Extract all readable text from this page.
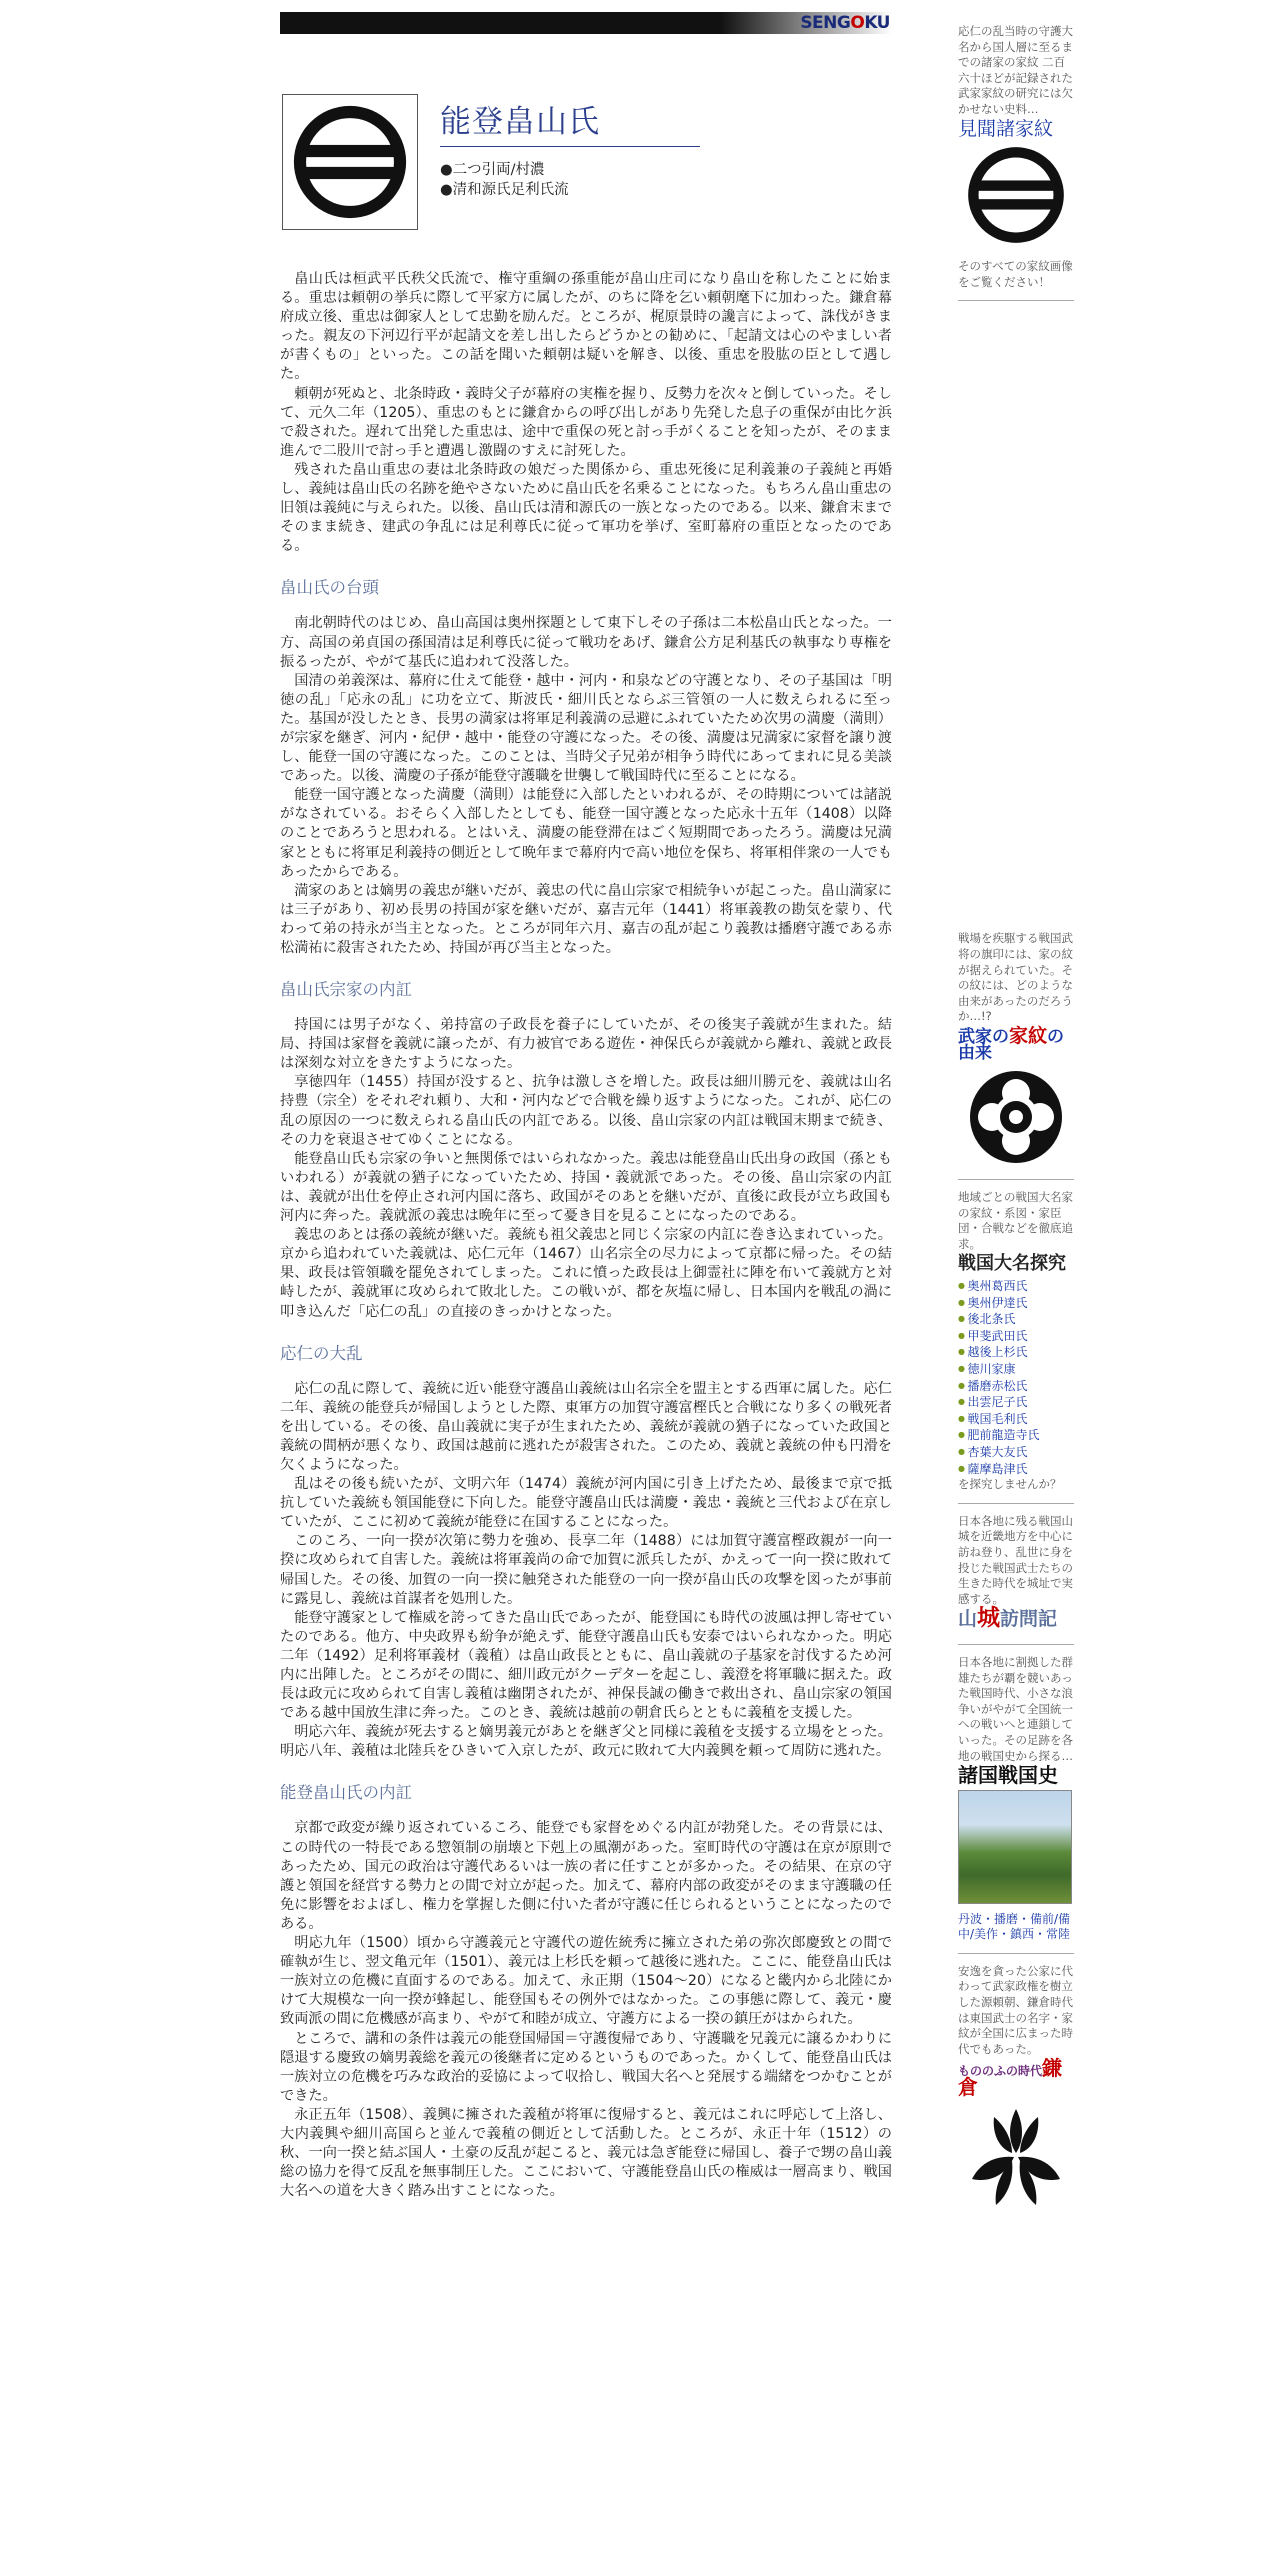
SENGOKU
能登畠山氏
●二つ引両/村濃
●清和源氏足利氏流

畠山氏は桓武平氏秩父氏流で、権守重綱の孫重能が畠山庄司になり畠山を称したことに始まる。重忠は頼朝の挙兵に際して平家方に属したが、のちに降を乞い頼朝麾下に加わった。鎌倉幕府成立後、重忠は御家人として忠勤を励んだ。ところが、梶原景時の讒言によって、誅伐がきまった。親友の下河辺行平が起請文を差し出したらどうかとの勧めに、「起請文は心のやましい者が書くもの」といった。この話を聞いた頼朝は疑いを解き、以後、重忠を股肱の臣として遇した。

頼朝が死ぬと、北条時政・義時父子が幕府の実権を握り、反勢力を次々と倒していった。そして、元久二年（1205）、重忠のもとに鎌倉からの呼び出しがあり先発した息子の重保が由比ケ浜で殺された。遅れて出発した重忠は、途中で重保の死と討っ手がくることを知ったが、そのまま進んで二股川で討っ手と遭遇し激闘のすえに討死した。

残された畠山重忠の妻は北条時政の娘だった関係から、重忠死後に足利義兼の子義純と再婚し、義純は畠山氏の名跡を絶やさないために畠山氏を名乗ることになった。もちろん畠山重忠の旧領は義純に与えられた。以後、畠山氏は清和源氏の一族となったのである。以来、鎌倉末までそのまま続き、建武の争乱には足利尊氏に従って軍功を挙げ、室町幕府の重臣となったのである。

畠山氏の台頭

南北朝時代のはじめ、畠山高国は奥州探題として東下しその子孫は二本松畠山氏となった。一方、高国の弟貞国の孫国清は足利尊氏に従って戦功をあげ、鎌倉公方足利基氏の執事なり専権を振るったが、やがて基氏に追われて没落した。

国清の弟義深は、幕府に仕えて能登・越中・河内・和泉などの守護となり、その子基国は「明徳の乱」「応永の乱」に功を立て、斯波氏・細川氏とならぶ三管領の一人に数えられるに至った。基国が没したとき、長男の満家は将軍足利義満の忌避にふれていたため次男の満慶（満則）が宗家を継ぎ、河内・紀伊・越中・能登の守護になった。その後、満慶は兄満家に家督を譲り渡し、能登一国の守護になった。このことは、当時父子兄弟が相争う時代にあってまれに見る美談であった。以後、満慶の子孫が能登守護職を世襲して戦国時代に至ることになる。

能登一国守護となった満慶（満則）は能登に入部したといわれるが、その時期については諸説がなされている。おそらく入部したとしても、能登一国守護となった応永十五年（1408）以降のことであろうと思われる。とはいえ、満慶の能登滞在はごく短期間であったろう。満慶は兄満家とともに将軍足利義持の側近として晩年まで幕府内で高い地位を保ち、将軍相伴衆の一人でもあったからである。

満家のあとは嫡男の義忠が継いだが、義忠の代に畠山宗家で相続争いが起こった。畠山満家には三子があり、初め長男の持国が家を継いだが、嘉吉元年（1441）将軍義教の勘気を蒙り、代わって弟の持永が当主となった。ところが同年六月、嘉吉の乱が起こり義教は播磨守護である赤松満祐に殺害されたため、持国が再び当主となった。

畠山氏宗家の内訌

持国には男子がなく、弟持富の子政長を養子にしていたが、その後実子義就が生まれた。結局、持国は家督を義就に譲ったが、有力被官である遊佐・神保氏らが義就から離れ、義就と政長は深刻な対立をきたすようになった。

享徳四年（1455）持国が没すると、抗争は激しさを増した。政長は細川勝元を、義就は山名持豊（宗全）をそれぞれ頼り、大和・河内などで合戦を繰り返すようになった。これが、応仁の乱の原因の一つに数えられる畠山氏の内訌である。以後、畠山宗家の内訌は戦国末期まで続き、その力を衰退させてゆくことになる。

能登畠山氏も宗家の争いと無関係ではいられなかった。義忠は能登畠山氏出身の政国（孫ともいわれる）が義就の猶子になっていたため、持国・義就派であった。その後、畠山宗家の内訌は、義就が出仕を停止され河内国に落ち、政国がそのあとを継いだが、直後に政長が立ち政国も河内に奔った。義就派の義忠は晩年に至って憂き目を見ることになったのである。

義忠のあとは孫の義統が継いだ。義統も祖父義忠と同じく宗家の内訌に巻き込まれていった。京から追われていた義就は、応仁元年（1467）山名宗全の尽力によって京都に帰った。その結果、政長は管領職を罷免されてしまった。これに憤った政長は上御霊社に陣を布いて義就方と対峙したが、義就軍に攻められて敗北した。この戦いが、都を灰塩に帰し、日本国内を戦乱の渦に叩き込んだ「応仁の乱」の直接のきっかけとなった。

応仁の大乱

応仁の乱に際して、義統に近い能登守護畠山義統は山名宗全を盟主とする西軍に属した。応仁二年、義統の能登兵が帰国しようとした際、東軍方の加賀守護富樫氏と合戦になり多くの戦死者を出している。その後、畠山義就に実子が生まれたため、義統が義就の猶子になっていた政国と義統の間柄が悪くなり、政国は越前に逃れたが殺害された。このため、義就と義統の仲も円滑を欠くようになった。

乱はその後も続いたが、文明六年（1474）義統が河内国に引き上げたため、最後まで京で抵抗していた義統も領国能登に下向した。能登守護畠山氏は満慶・義忠・義統と三代および在京していたが、ここに初めて義統が能登に在国することになった。

このころ、一向一揆が次第に勢力を強め、長享二年（1488）には加賀守護富樫政親が一向一揆に攻められて自害した。義統は将軍義尚の命で加賀に派兵したが、かえって一向一揆に敗れて帰国した。その後、加賀の一向一揆に触発された能登の一向一揆が畠山氏の攻撃を図ったが事前に露見し、義統は首謀者を処刑した。

能登守護家として権威を誇ってきた畠山氏であったが、能登国にも時代の波風は押し寄せていたのである。他方、中央政界も紛争が絶えず、能登守護畠山氏も安泰ではいられなかった。明応二年（1492）足利将軍義材（義稙）は畠山政長とともに、畠山義就の子基家を討伐するため河内に出陣した。ところがその間に、細川政元がクーデターを起こし、義澄を将軍職に据えた。政長は政元に攻められて自害し義稙は幽閉されたが、神保長誠の働きで救出され、畠山宗家の領国である越中国放生津に奔った。このとき、義統は越前の朝倉氏らとともに義稙を支援した。

明応六年、義統が死去すると嫡男義元があとを継ぎ父と同様に義稙を支援する立場をとった。明応八年、義稙は北陸兵をひきいて入京したが、政元に敗れて大内義興を頼って周防に逃れた。

能登畠山氏の内訌

京都で政変が繰り返されているころ、能登でも家督をめぐる内訌が勃発した。その背景には、この時代の一特長である惣領制の崩壊と下剋上の風潮があった。室町時代の守護は在京が原則であったため、国元の政治は守護代あるいは一族の者に任すことが多かった。その結果、在京の守護と領国を経営する勢力との間で対立が起った。加えて、幕府内部の政変がそのまま守護職の任免に影響をおよぼし、権力を掌握した側に付いた者が守護に任じられるということになったのである。

明応九年（1500）頃から守護義元と守護代の遊佐統秀に擁立された弟の弥次郎慶致との間で確執が生じ、翌文亀元年（1501）、義元は上杉氏を頼って越後に逃れた。ここに、能登畠山氏は一族対立の危機に直面するのである。加えて、永正期（1504～20）になると畿内から北陸にかけて大規模な一向一揆が蜂起し、能登国もその例外ではなかった。この事態に際して、義元・慶致両派の間に危機感が高まり、やがて和睦が成立、守護方による一揆の鎮圧がはかられた。

ところで、講和の条件は義元の能登国帰国＝守護復帰であり、守護職を兄義元に譲るかわりに隠退する慶致の嫡男義総を義元の後継者に定めるというものであった。かくして、能登畠山氏は一族対立の危機を巧みな政治的妥協によって収拾し、戦国大名へと発展する端緒をつかむことができた。

永正五年（1508）、義興に擁された義稙が将軍に復帰すると、義元はこれに呼応して上洛し、大内義興や細川高国らと並んで義稙の側近として活動した。ところが、永正十年（1512）の秋、一向一揆と結ぶ国人・土豪の反乱が起こると、義元は急ぎ能登に帰国し、養子で甥の畠山義総の協力を得て反乱を無事制圧した。ここにおいて、守護能登畠山氏の権威は一層高まり、戦国大名への道を大きく踏み出すことになった。

応仁の乱当時の守護大名から国人層に至るまでの諸家の家紋 二百六十ほどが記録された武家家紋の研究には欠かせない史料…
見聞諸家紋
そのすべての家紋画像をご覧ください！
戦場を疾駆する戦国武将の旗印には、家の紋が据えられていた。その紋には、どのような由来があったのだろうか…!?
武家の家紋の由来
地域ごとの戦国大名家の家紋・系図・家臣団・合戦などを徹底追求。
戦国大名探究
● 奥州葛西氏
● 奥州伊達氏
● 後北条氏
● 甲斐武田氏
● 越後上杉氏
● 徳川家康
● 播磨赤松氏
● 出雲尼子氏
● 戦国毛利氏
● 肥前龍造寺氏
● 杏葉大友氏
● 薩摩島津氏
を探究しませんか？
日本各地に残る戦国山城を近畿地方を中心に訪ね登り、乱世に身を投じた戦国武士たちの生きた時代を城址で実感する。
山城訪問記
日本各地に割拠した群雄たちが覇を競いあった戦国時代、小さな浪争いがやがて全国統一への戦いへと連鎖していった。その足跡を各地の戦国史から探る…
諸国戦国史
丹波・播磨・備前/備中/美作・鎮西・常陸
安逸を貪った公家に代わって武家政権を樹立した源頼朝、鎌倉時代は東国武士の名字・家紋が全国に広まった時代でもあった。
もののふの時代鎌倉
